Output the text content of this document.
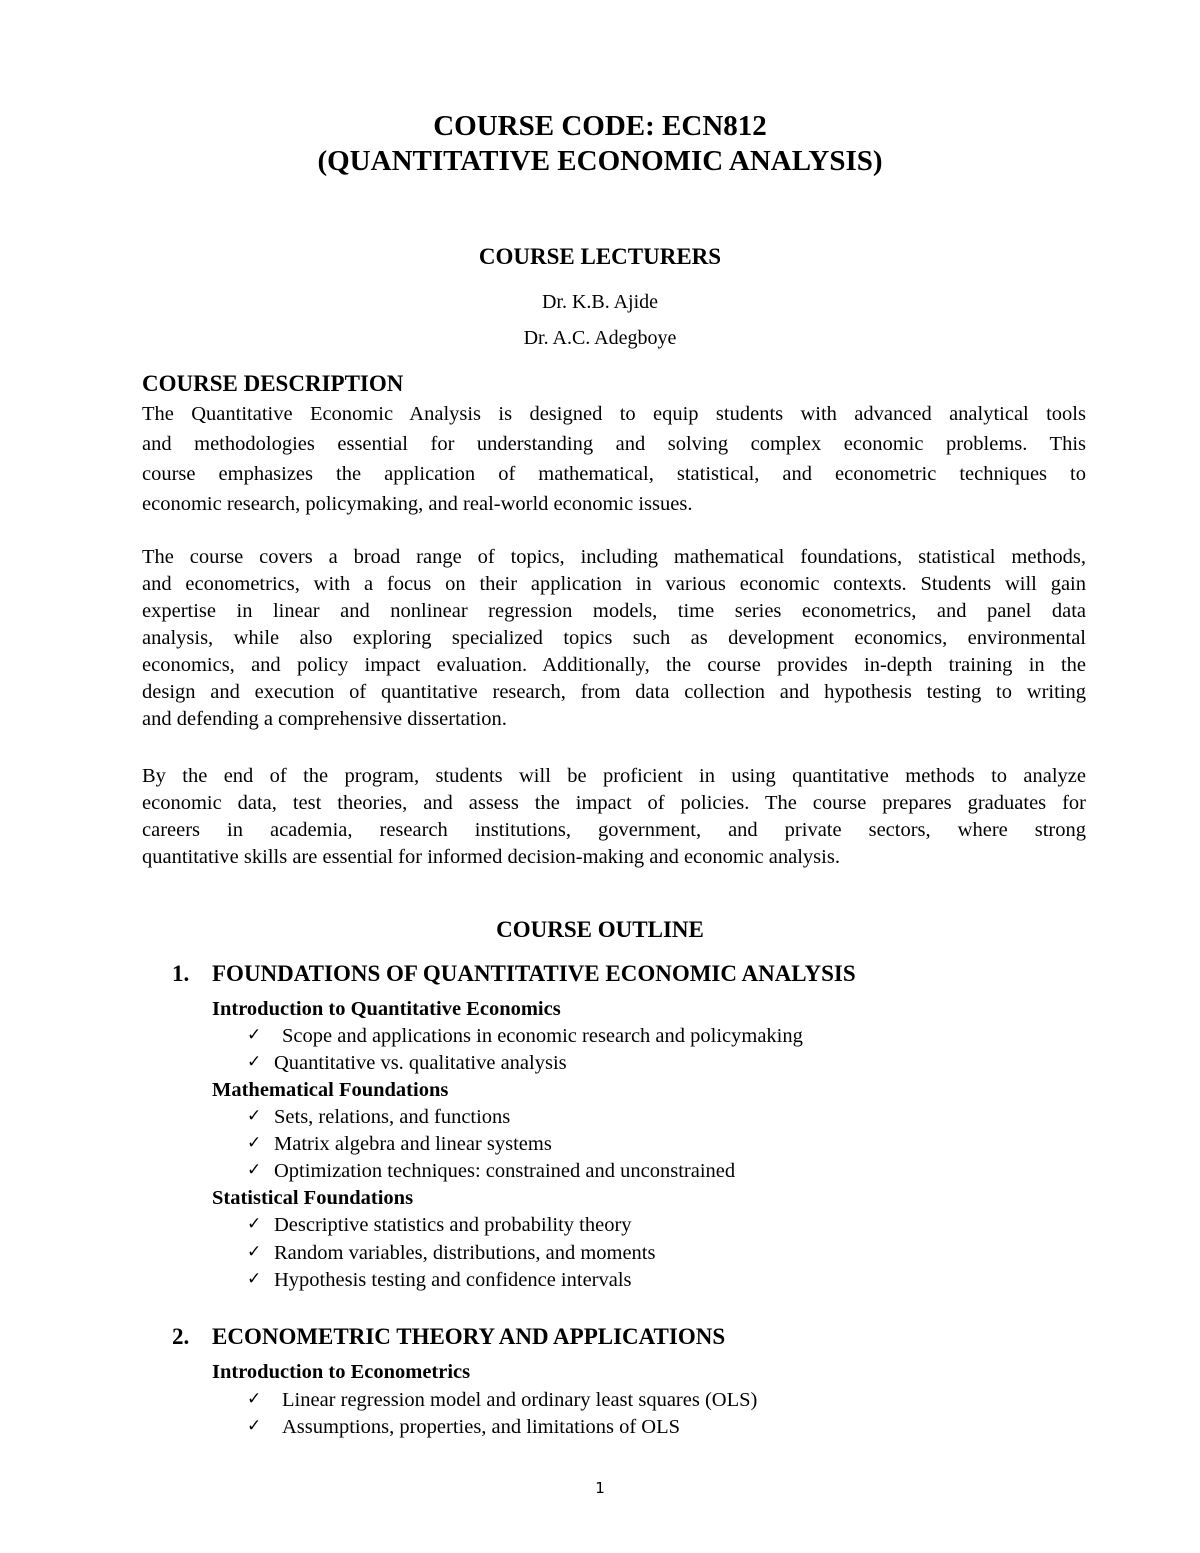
COURSE CODE: ECN812
(QUANTITATIVE ECONOMIC ANALYSIS)
COURSE LECTURERS
Dr. K.B. Ajide
Dr. A.C. Adegboye
COURSE DESCRIPTION
The Quantitative Economic Analysis is designed to equip students with advanced analytical tools
and methodologies essential for understanding and solving complex economic problems. This
course emphasizes the application of mathematical, statistical, and econometric techniques to
economic research, policymaking, and real-world economic issues.
The course covers a broad range of topics, including mathematical foundations, statistical methods,
and econometrics, with a focus on their application in various economic contexts. Students will gain
expertise in linear and nonlinear regression models, time series econometrics, and panel data
analysis, while also exploring specialized topics such as development economics, environmental
economics, and policy impact evaluation. Additionally, the course provides in-depth training in the
design and execution of quantitative research, from data collection and hypothesis testing to writing
and defending a comprehensive dissertation.
By the end of the program, students will be proficient in using quantitative methods to analyze
economic data, test theories, and assess the impact of policies. The course prepares graduates for
careers in academia, research institutions, government, and private sectors, where strong
quantitative skills are essential for informed decision-making and economic analysis.
COURSE OUTLINE
1. FOUNDATIONS OF QUANTITATIVE ECONOMIC ANALYSIS
Introduction to Quantitative Economics
✓ Scope and applications in economic research and policymaking
✓ Quantitative vs. qualitative analysis
Mathematical Foundations
✓ Sets, relations, and functions
✓ Matrix algebra and linear systems
✓ Optimization techniques: constrained and unconstrained
Statistical Foundations
✓ Descriptive statistics and probability theory
✓ Random variables, distributions, and moments
✓ Hypothesis testing and confidence intervals
2. ECONOMETRIC THEORY AND APPLICATIONS
Introduction to Econometrics
✓ Linear regression model and ordinary least squares (OLS)
✓ Assumptions, properties, and limitations of OLS
1
